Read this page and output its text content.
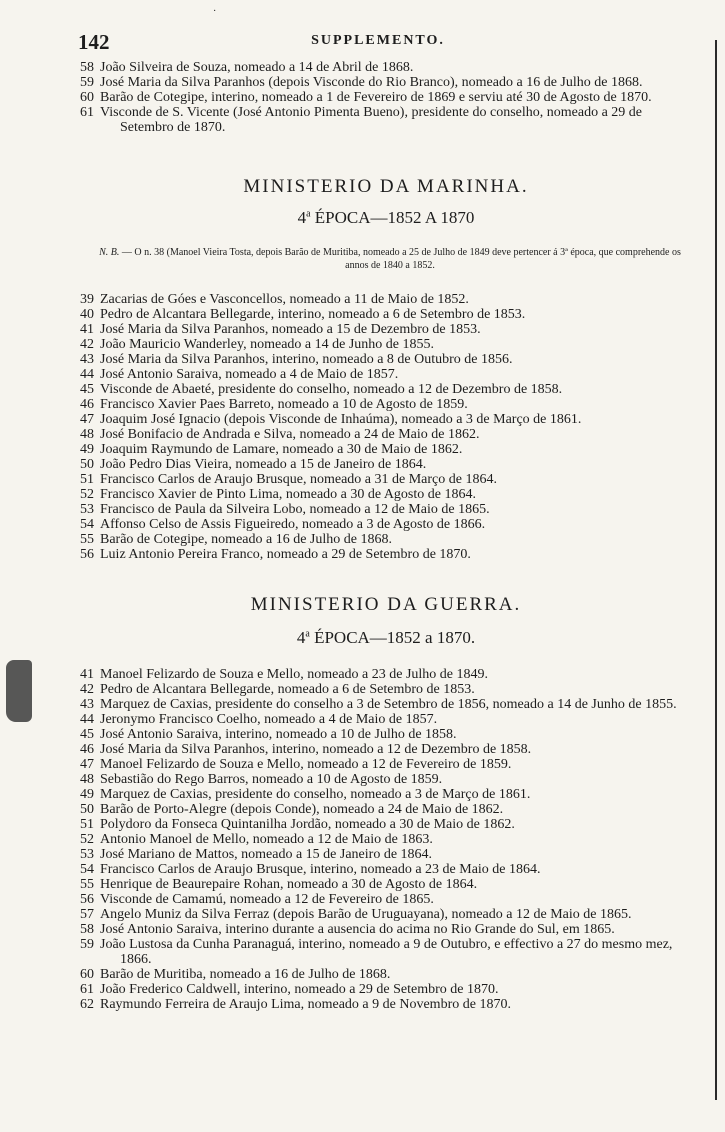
142	SUPPLEMENTO.

58 João Silveira de Souza, nomeado a 14 de Abril de 1868.

59 José Maria da Silva Paranhos (depois Visconde do Rio Branco), nomeado a 16 de Julho de 1868.

60 Barão de Cotegipe, interino, nomeado a 1 de Fevereiro de 1869 e serviu até 30 de Agosto de 1870.

61 Visconde de S. Vicente (José Antonio Pimenta Bueno), presidente do conselho, nomeado a 29 de Setembro de 1870.

MINISTERIO DA MARINHA.
4$^a$ ÉPOCA—1852 A 1870
N. B. — O n. 38 (Manoel Vieira Tosta, depois Barão de Muritiba, nomeado a 25 de Julho de 1849 deve pertencer á 3ª época, que comprehende os annos de 1840 a 1852.

39 Zacarias de Góes e Vasconcellos, nomeado a 11 de Maio de 1852.

40 Pedro de Alcantara Bellegarde, interino, nomeado a 6 de Setembro de 1853.

41 José Maria da Silva Paranhos, nomeado a 15 de Dezembro de 1853.

42 João Mauricio Wanderley, nomeado a 14 de Junho de 1855.

43 José Maria da Silva Paranhos, interino, nomeado a 8 de Outubro de 1856.

44 José Antonio Saraiva, nomeado a 4 de Maio de 1857.

45 Visconde de Abaeté, presidente do conselho, nomeado a 12 de Dezembro de 1858.

46 Francisco Xavier Paes Barreto, nomeado a 10 de Agosto de 1859.

47 Joaquim José Ignacio (depois Visconde de Inhaúma), nomeado a 3 de Março de 1861.

48 José Bonifacio de Andrada e Silva, nomeado a 24 de Maio de 1862.

49 Joaquim Raymundo de Lamare, nomeado a 30 de Maio de 1862.

50 João Pedro Dias Vieira, nomeado a 15 de Janeiro de 1864.

51 Francisco Carlos de Araujo Brusque, nomeado a 31 de Março de 1864.

52 Francisco Xavier de Pinto Lima, nomeado a 30 de Agosto de 1864.

53 Francisco de Paula da Silveira Lobo, nomeado a 12 de Maio de 1865.

54 Affonso Celso de Assis Figueiredo, nomeado a 3 de Agosto de 1866.

55 Barão de Cotegipe, nomeado a 16 de Julho de 1868.

56 Luiz Antonio Pereira Franco, nomeado a 29 de Setembro de 1870.

MINISTERIO DA GUERRA.
4$^a$ ÉPOCA—1852 a 1870.

41 Manoel Felizardo de Souza e Mello, nomeado a 23 de Julho de 1849.

42 Pedro de Alcantara Bellegarde, nomeado a 6 de Setembro de 1853.

43 Marquez de Caxias, presidente do conselho a 3 de Setembro de 1856, nomeado a 14 de Junho de 1855.

44 Jeronymo Francisco Coelho, nomeado a 4 de Maio de 1857.

45 José Antonio Saraiva, interino, nomeado a 10 de Julho de 1858.

46 José Maria da Silva Paranhos, interino, nomeado a 12 de Dezembro de 1858.

47 Manoel Felizardo de Souza e Mello, nomeado a 12 de Fevereiro de 1859.

48 Sebastião do Rego Barros, nomeado a 10 de Agosto de 1859.

49 Marquez de Caxias, presidente do conselho, nomeado a 3 de Março de 1861.

50 Barão de Porto-Alegre (depois Conde), nomeado a 24 de Maio de 1862.

51 Polydoro da Fonseca Quintanilha Jordão, nomeado a 30 de Maio de 1862.

52 Antonio Manoel de Mello, nomeado a 12 de Maio de 1863.

53 José Mariano de Mattos, nomeado a 15 de Janeiro de 1864.

54 Francisco Carlos de Araujo Brusque, interino, nomeado a 23 de Maio de 1864.

55 Henrique de Beaurepaire Rohan, nomeado a 30 de Agosto de 1864.

56 Visconde de Camamú, nomeado a 12 de Fevereiro de 1865.

57 Angelo Muniz da Silva Ferraz (depois Barão de Uruguayana), nomeado a 12 de Maio de 1865.

58 José Antonio Saraiva, interino durante a ausencia do acima no Rio Grande do Sul, em 1865.

59 João Lustosa da Cunha Paranaguá, interino, nomeado a 9 de Outubro, e effectivo a 27 do mesmo mez, 1866.

60 Barão de Muritiba, nomeado a 16 de Julho de 1868.

61 João Frederico Caldwell, interino, nomeado a 29 de Setembro de 1870.

62 Raymundo Ferreira de Araujo Lima, nomeado a 9 de Novembro de 1870.

·
